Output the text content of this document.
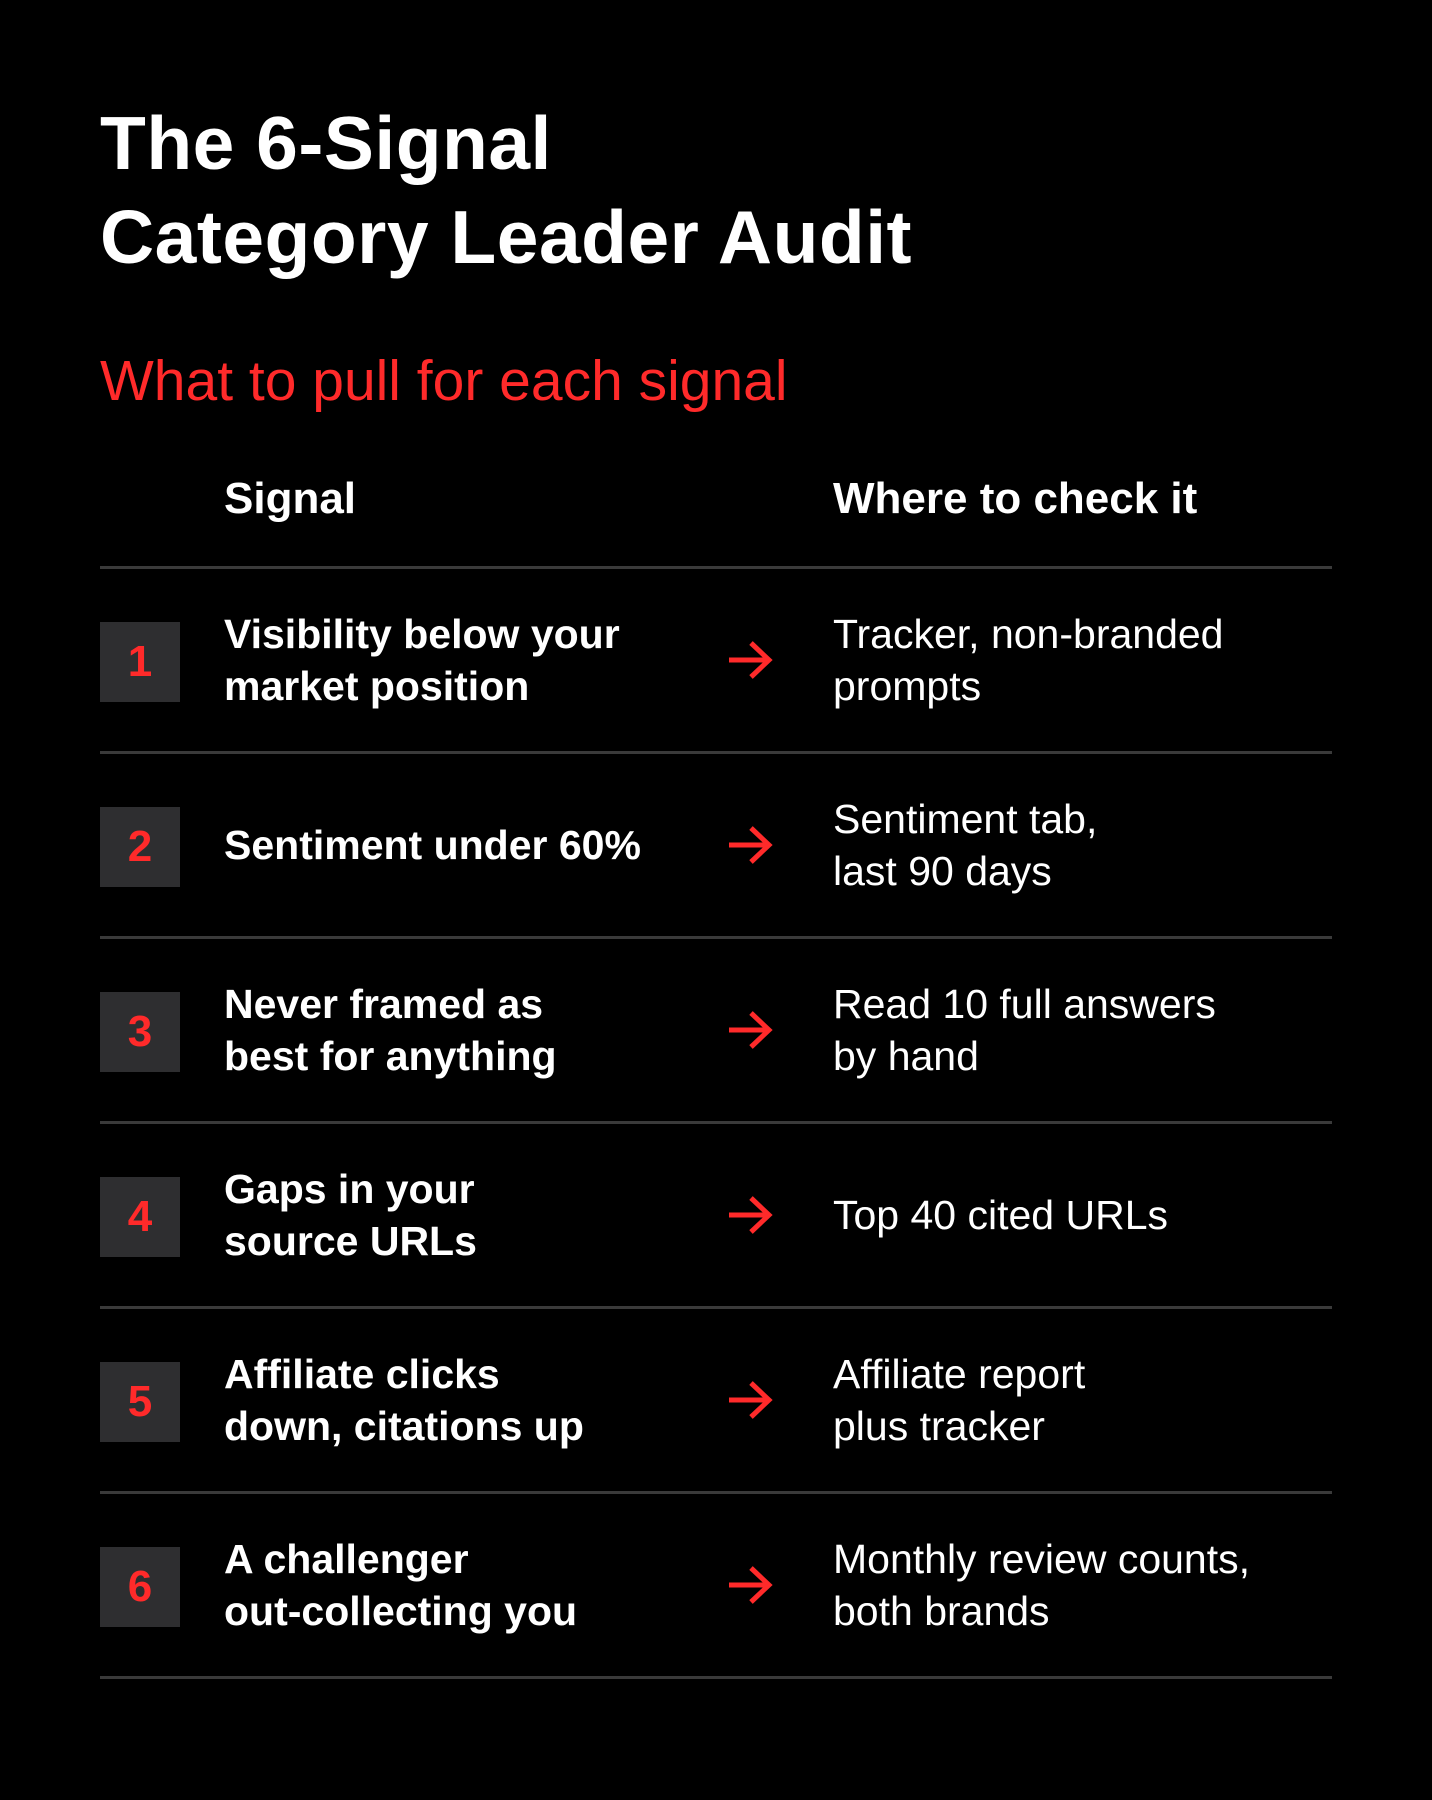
The 6-Signal
Category Leader Audit
What to pull for each signal
Signal	Where to check it
1
Visibility below your
market position
Tracker, non-branded
prompts
2	Sentiment under 60%
Sentiment tab,
last 90 days
3
Never framed as
best for anything
Read 10 full answers
by hand
4
Gaps in your
source URLs
Top 40 cited URLs
5
Affiliate clicks
down, citations up
Affiliate report
plus tracker
6
A challenger
out-collecting you
Monthly review counts,
both brands
